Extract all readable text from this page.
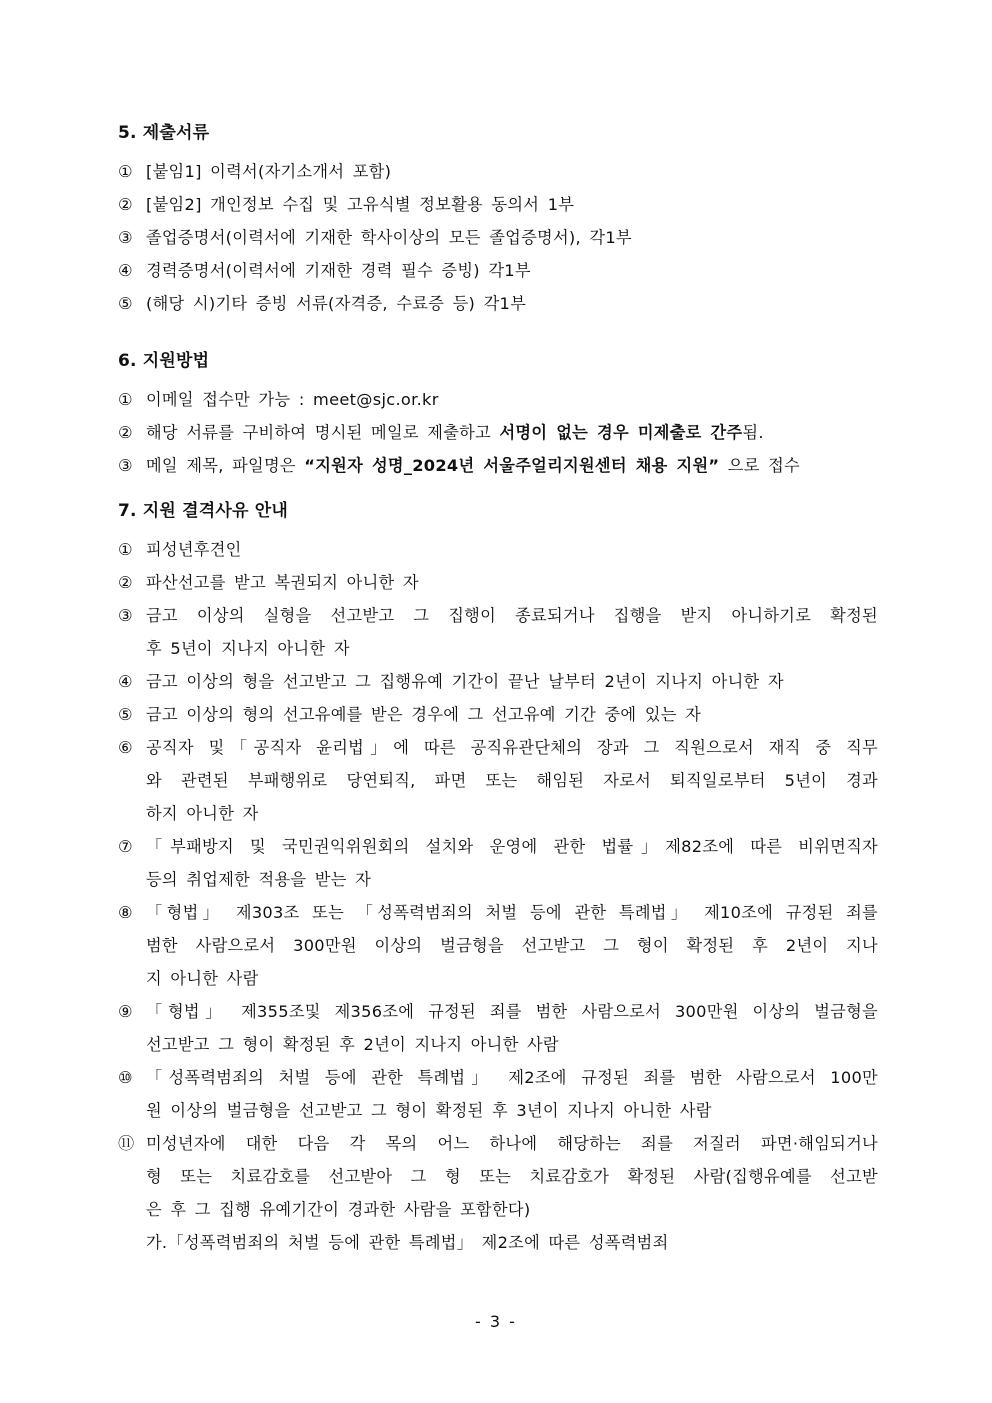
5. 제출서류
① [붙임1] 이력서(자기소개서 포함)
② [붙임2] 개인정보 수집 및 고유식별 정보활용 동의서 1부
③ 졸업증명서(이력서에 기재한 학사이상의 모든 졸업증명서), 각1부
④ 경력증명서(이력서에 기재한 경력 필수 증빙) 각1부
⑤ (해당 시)기타 증빙 서류(자격증, 수료증 등) 각1부
6. 지원방법
① 이메일 접수만 가능 : meet@sjc.or.kr
② 해당 서류를 구비하여 명시된 메일로 제출하고 서명이 없는 경우 미제출로 간주됨.
③ 메일 제목, 파일명은 “지원자 성명_2024년 서울주얼리지원센터 채용 지원” 으로 접수
7. 지원 결격사유 안내
① 피성년후견인
② 파산선고를 받고 복권되지 아니한 자
③ 금고 이상의 실형을 선고받고 그 집행이 종료되거나 집행을 받지 아니하기로 확정된
후 5년이 지나지 아니한 자
④ 금고 이상의 형을 선고받고 그 집행유예 기간이 끝난 날부터 2년이 지나지 아니한 자
⑤ 금고 이상의 형의 선고유예를 받은 경우에 그 선고유예 기간 중에 있는 자
⑥ 공직자 및「공직자 윤리법」에 따른 공직유관단체의 장과 그 직원으로서 재직 중 직무
와 관련된 부패행위로 당연퇴직, 파면 또는 해임된 자로서 퇴직일로부터 5년이 경과
하지 아니한 자
⑦ 「부패방지 및 국민권익위원회의 설치와 운영에 관한 법률」제82조에 따른 비위면직자
등의 취업제한 적용을 받는 자
⑧ 「형법」 제303조 또는 「성폭력범죄의 처벌 등에 관한 특례법」 제10조에 규정된 죄를
범한 사람으로서 300만원 이상의 벌금형을 선고받고 그 형이 확정된 후 2년이 지나
지 아니한 사람
⑨ 「형법」 제355조및 제356조에 규정된 죄를 범한 사람으로서 300만원 이상의 벌금형을
선고받고 그 형이 확정된 후 2년이 지나지 아니한 사람
⑩ 「성폭력범죄의 처벌 등에 관한 특례법」 제2조에 규정된 죄를 범한 사람으로서 100만
원 이상의 벌금형을 선고받고 그 형이 확정된 후 3년이 지나지 아니한 사람
⑪ 미성년자에 대한 다음 각 목의 어느 하나에 해당하는 죄를 저질러 파면·해임되거나
형 또는 치료감호를 선고받아 그 형 또는 치료감호가 확정된 사람(집행유예를 선고받
은 후 그 집행 유예기간이 경과한 사람을 포함한다)
가.「성폭력범죄의 처벌 등에 관한 특례법」 제2조에 따른 성폭력범죄
- 3 -
